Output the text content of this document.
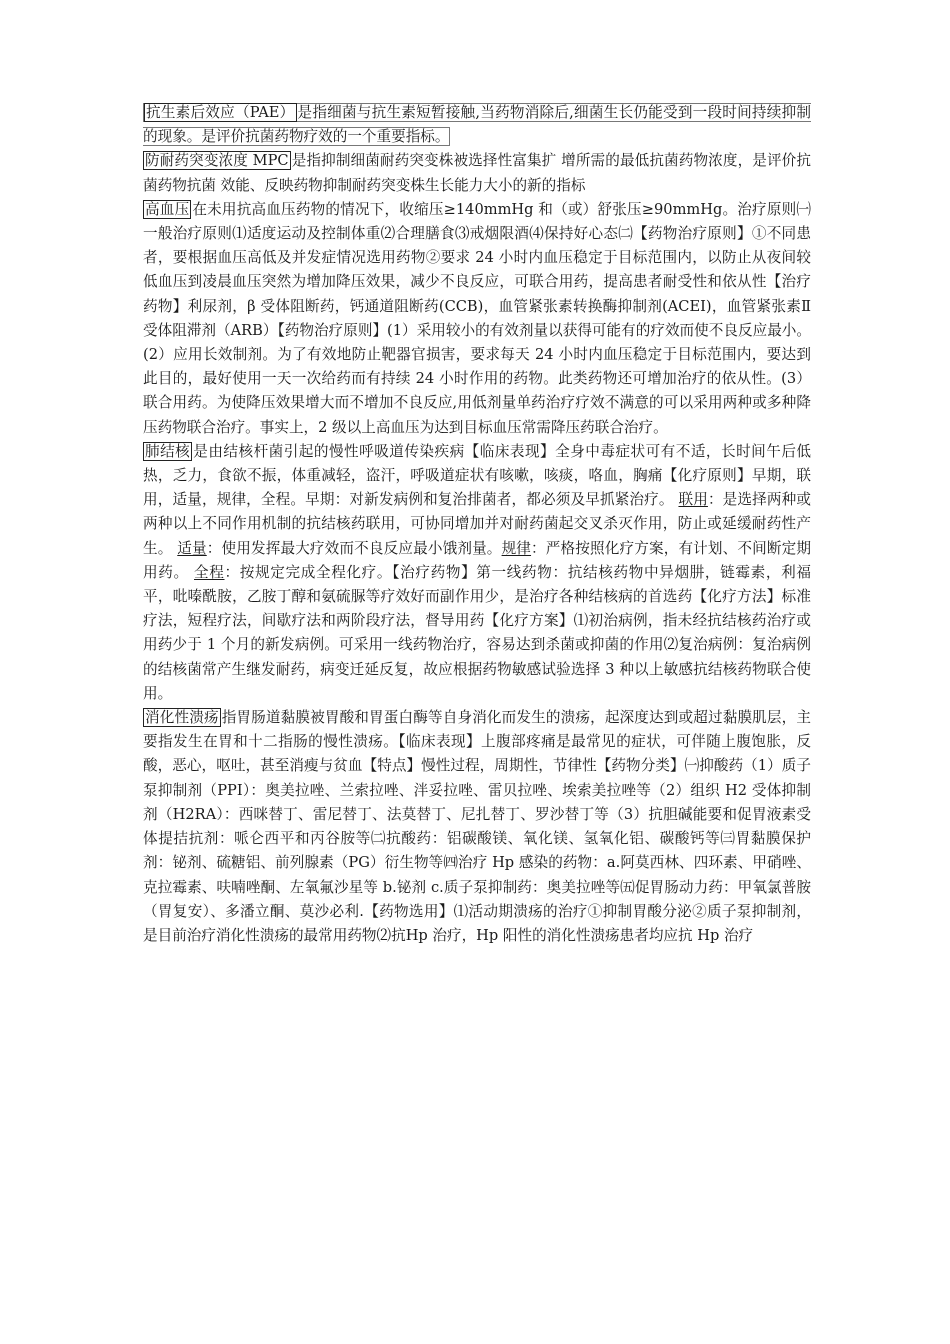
抗生素后效应（PAE） 是指细菌与抗生素短暂接触,当药物消除后,细菌生长仍能受到一段时间持续抑制的现象。是评价抗菌药物疗效的一个重要指标。

防耐药突变浓度 MPC 是指抑制细菌耐药突变株被选择性富集扩 增所需的最低抗菌药物浓度，是评价抗菌药物抗菌 效能、反映药物抑制耐药突变株生长能力大小的新的指标

高血压 在未用抗高血压药物的情况下，收缩压≥140mmHg 和（或）舒张压≥90mmHg。治疗原则㈠一般治疗原则⑴适度运动及控制体重⑵合理膳食⑶戒烟限酒⑷保持好心态㈡【药物治疗原则】①不同患者，要根据血压高低及并发症情况选用药物②要求 24 小时内血压稳定于目标范围内，以防止从夜间较低血压到凌晨血压突然为增加降压效果，减少不良反应，可联合用药，提高患者耐受性和依从性【治疗药物】利尿剂，β 受体阻断药，钙通道阻断药(CCB)，血管紧张素转换酶抑制剂(ACEI)，血管紧张素Ⅱ受体阻滞剂（ARB）【药物治疗原则】(1）采用较小的有效剂量以获得可能有的疗效而使不良反应最小。(2）应用长效制剂。为了有效地防止靶器官损害，要求每天 24 小时内血压稳定于目标范围内，要达到此目的，最好使用一天一次给药而有持续 24 小时作用的药物。此类药物还可增加治疗的依从性。(3）联合用药。为使降压效果增大而不增加不良反应,用低剂量单药治疗疗效不满意的可以采用两种或多种降压药物联合治疗。事实上，2 级以上高血压为达到目标血压常需降压药联合治疗。

肺结核 是由结核杆菌引起的慢性呼吸道传染疾病【临床表现】全身中毒症状可有不适，长时间午后低热，乏力，食欲不振，体重减轻，盗汗，呼吸道症状有咳嗽，咳痰，咯血，胸痛【化疗原则】早期，联用，适量，规律，全程。早期：对新发病例和复治排菌者，都必须及早抓紧治疗。 联用：是选择两种或两种以上不同作用机制的抗结核药联用，可协同增加并对耐药菌起交叉杀灭作用，防止或延缓耐药性产生。 适量：使用发挥最大疗效而不良反应最小饿剂量。规律：严格按照化疗方案，有计划、不间断定期用药。 全程：按规定完成全程化疗。【治疗药物】第一线药物：抗结核药物中异烟肼，链霉素，利福平，吡嗪酰胺，乙胺丁醇和氨硫脲等疗效好而副作用少，是治疗各种结核病的首选药【化疗方法】标准疗法，短程疗法，间歇疗法和两阶段疗法，督导用药【化疗方案】⑴初治病例，指未经抗结核药治疗或用药少于 1 个月的新发病例。可采用一线药物治疗，容易达到杀菌或抑菌的作用⑵复治病例：复治病例的结核菌常产生继发耐药，病变迁延反复，故应根据药物敏感试验选择 3 种以上敏感抗结核药物联合使用。

消化性溃疡 指胃肠道黏膜被胃酸和胃蛋白酶等自身消化而发生的溃疡，起深度达到或超过黏膜肌层，主要指发生在胃和十二指肠的慢性溃疡。【临床表现】上腹部疼痛是最常见的症状，可伴随上腹饱胀，反酸，恶心，呕吐，甚至消瘦与贫血【特点】慢性过程，周期性，节律性【药物分类】㈠抑酸药（1）质子泵抑制剂（PPI）：奥美拉唑、兰索拉唑、泮妥拉唑、雷贝拉唑、埃索美拉唑等（2）组织 H2 受体抑制剂（H2RA）：西咪替丁、雷尼替丁、法莫替丁、尼扎替丁、罗沙替丁等（3）抗胆碱能要和促胃液素受体提拮抗剂：哌仑西平和丙谷胺等㈡抗酸药：铝碳酸镁、氧化镁、氢氧化铝、碳酸钙等㈢胃黏膜保护剂：铋剂、硫糖铝、前列腺素（PG）衍生物等㈣治疗 Hp 感染的药物：a.阿莫西林、四环素、甲硝唑、克拉霉素、呋喃唑酮、左氧氟沙星等 b.铋剂 c.质子泵抑制药：奥美拉唑等㈤促胃肠动力药：甲氧氯普胺（胃复安）、多潘立酮、莫沙必利.【药物选用】⑴活动期溃疡的治疗①抑制胃酸分泌②质子泵抑制剂，是目前治疗消化性溃疡的最常用药物⑵抗Hp 治疗，Hp 阳性的消化性溃疡患者均应抗 Hp 治疗
